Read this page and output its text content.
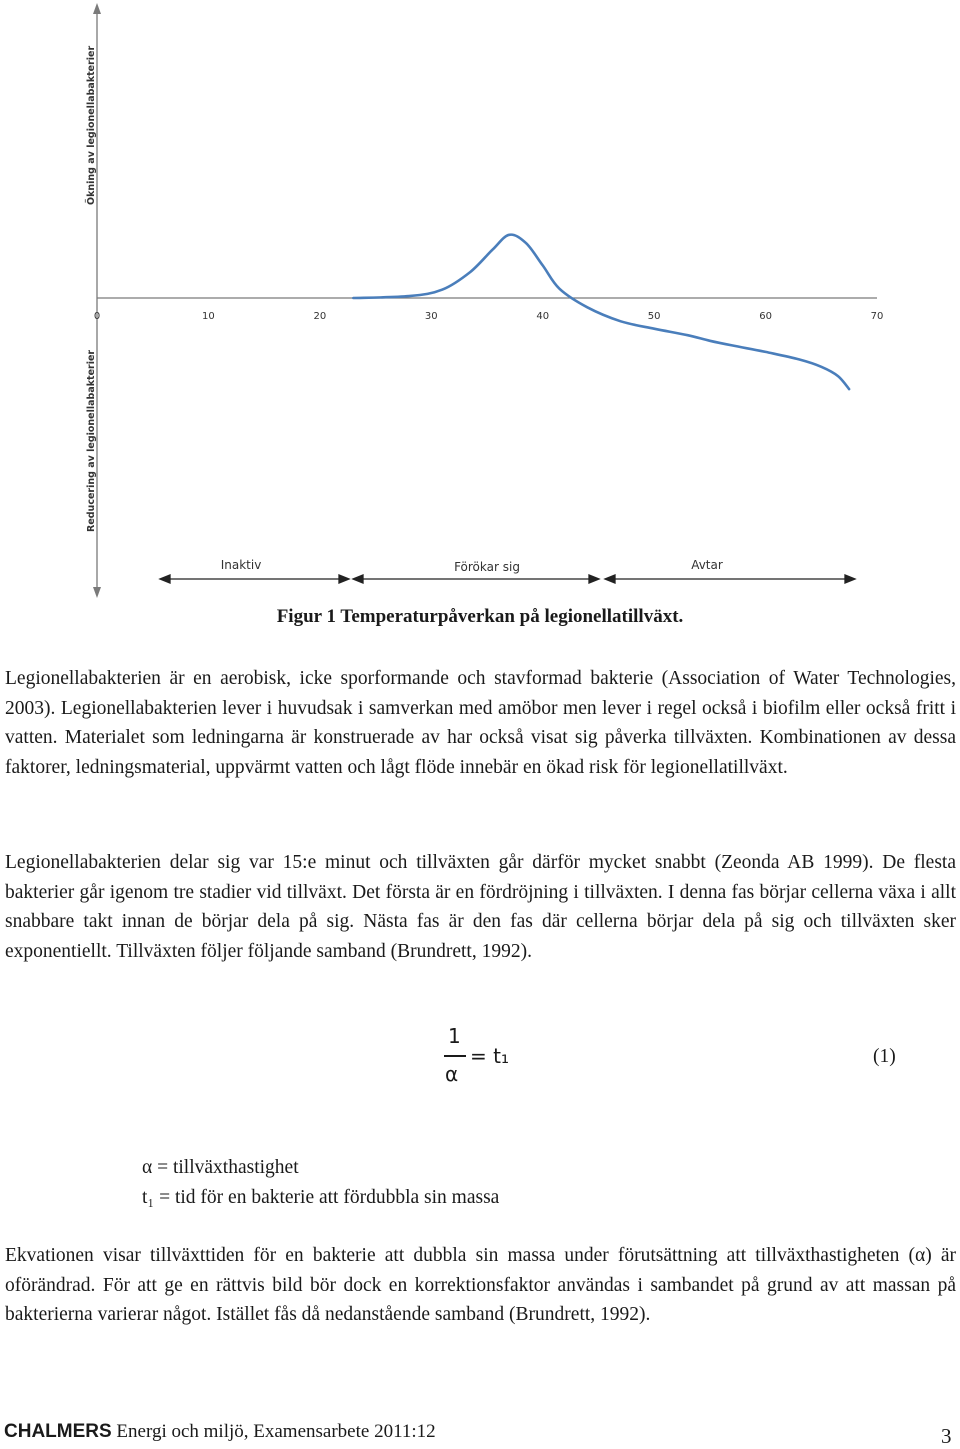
0	10	20	30	40	50	60	70
Ökning av legionellabakterier
Reducering av legionellabakterier
Inaktiv	Förökar sig	Avtar
Figur 1 Temperaturpåverkan på legionellatillväxt.

Legionellabakterien är en aerobisk, icke sporformande och stavformad bakterie (Association of Water Technologies, 2003). Legionellabakterien lever i huvudsak i samverkan med amöbor men lever i regel också i biofilm eller också fritt i vatten. Materialet som ledningarna är konstruerade av har också visat sig påverka tillväxten. Kombinationen av dessa faktorer, ledningsmaterial, uppvärmt vatten och lågt flöde innebär en ökad risk för legionellatillväxt.

Legionellabakterien delar sig var 15:e minut och tillväxten går därför mycket snabbt (Zeonda AB 1999). De flesta bakterier går igenom tre stadier vid tillväxt. Det första är en fördröjning i tillväxten. I denna fas börjar cellerna växa i allt snabbare takt innan de börjar dela på sig. Nästa fas är den fas där cellerna börjar dela på sig och tillväxten sker exponentiellt. Tillväxten följer följande samband (Brundrett, 1992).

1
α
= t₁	(1)
α = tillväxthastighet
t₁ = tid för en bakterie att fördubbla sin massa

Ekvationen visar tillväxttiden för en bakterie att dubbla sin massa under förutsättning att tillväxthastigheten (α) är oförändrad. För att ge en rättvis bild bör dock en korrektionsfaktor användas i sambandet på grund av att massan på bakterierna varierar något. Istället fås då nedanstående samband (Brundrett, 1992).

CHALMERS Energi och miljö, Examensarbete 2011:12	3
